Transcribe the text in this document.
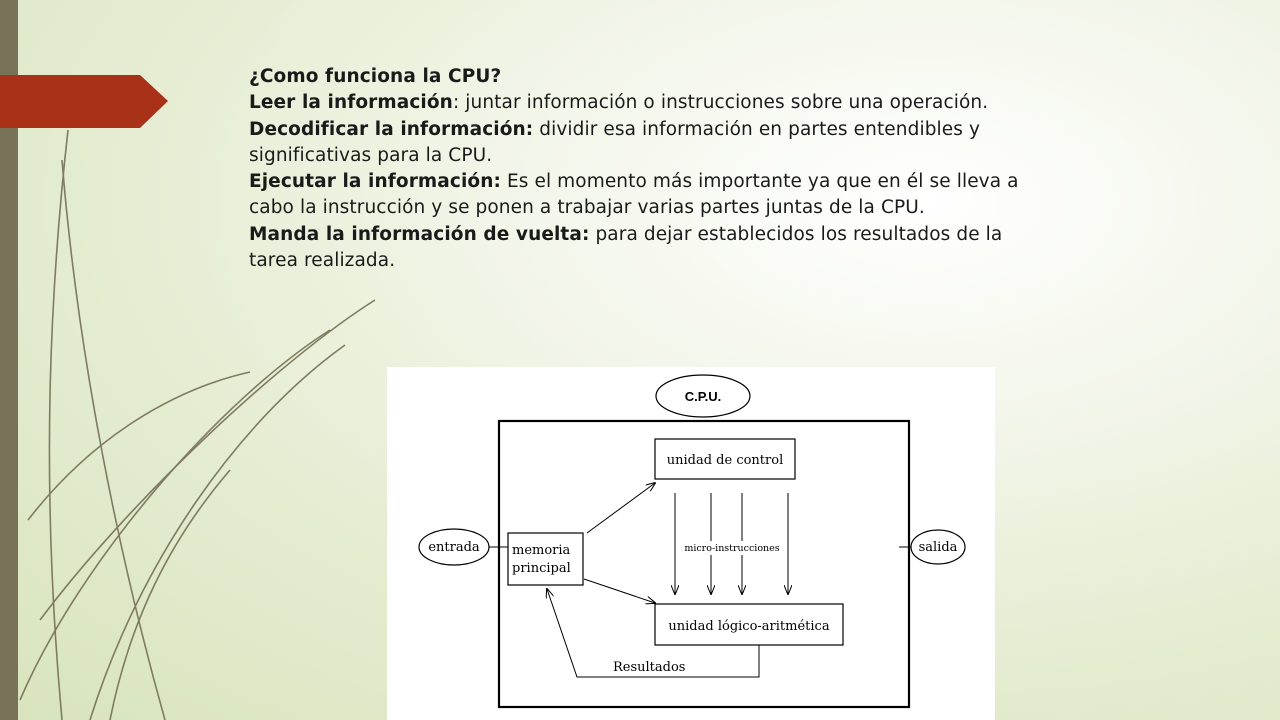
¿Como funciona la CPU?

Leer la información: juntar información o instrucciones sobre una operación.

Decodificar la información: dividir esa información en partes entendibles y significativas para la CPU.

Ejecutar la información: Es el momento más importante ya que en él se lleva a cabo la instrucción y se ponen a trabajar varias partes juntas de la CPU.

Manda la información de vuelta: para dejar establecidos los resultados de la tarea realizada.

C.P.U.
entrada	salida
memoria
principal
unidad de control
unidad lógico-aritmética
micro-instrucciones
Resultados
